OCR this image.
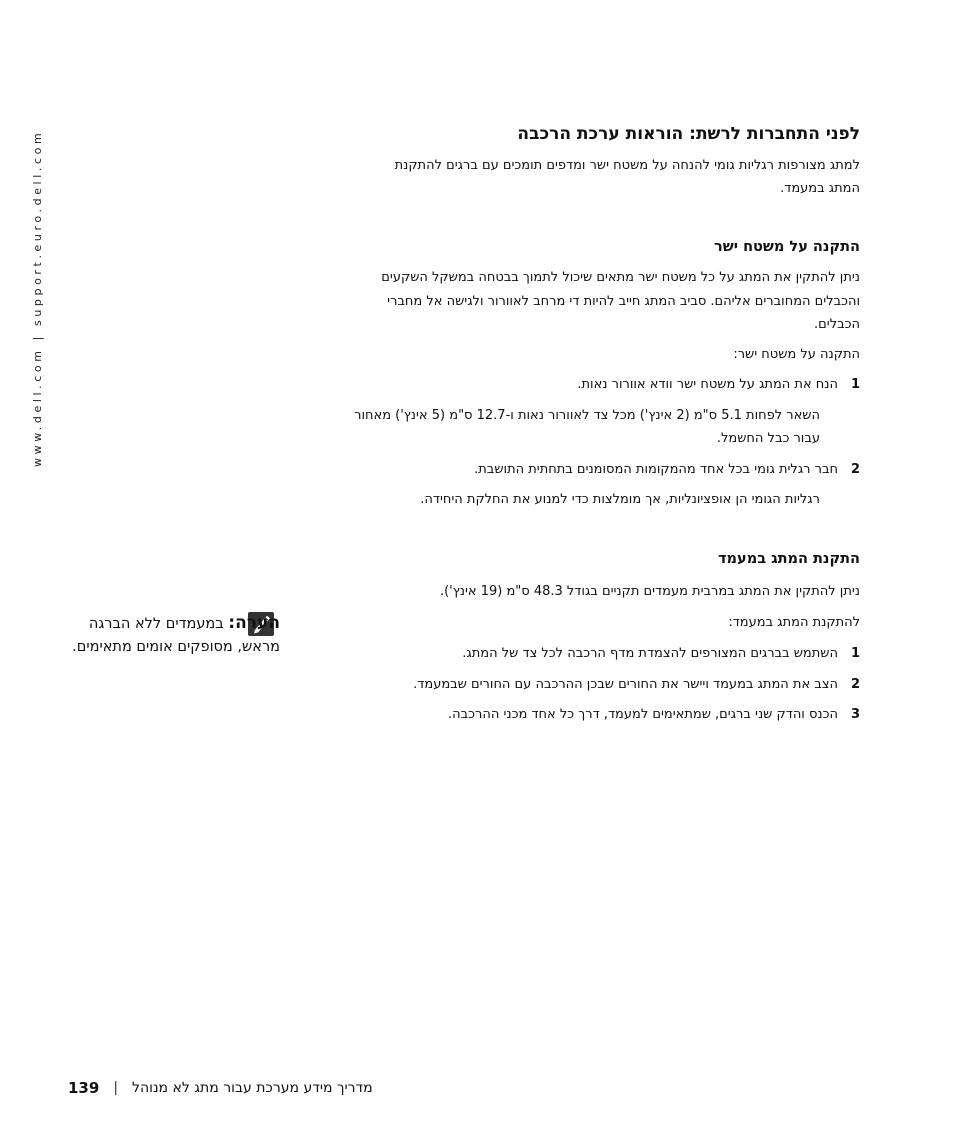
www.dell.com | support.euro.dell.com	לפני התחברות לרשת: הוראות ערכת הרכבה

למתג מצורפות רגליות גומי להנחה על משטח ישר ומדפים תומכים עם ברגים להתקנת

המתג במעמד.

התקנה על משטח ישר

ניתן להתקין את המתג על כל משטח ישר מתאים שיכול לתמוך בבטחה במשקל השקעים

והכבלים המחוברים אליהם. סביב המתג חייב להיות די מרחב לאוורור ולגישה אל מחברי

הכבלים.

התקנה על משטח ישר:

1
הנח את המתג על משטח ישר וודא אוורור נאות.

השאר לפחות 5.1 ס"מ (2 אינץ') מכל צד לאוורור נאות ו-12.7 ס"מ (5 אינץ') מאחור

עבור כבל החשמל.

2
חבר רגלית גומי בכל אחד מהמקומות המסומנים בתחתית התושבת.

רגליות הגומי הן אופציונליות, אך מומלצות כדי למנוע את החלקת היחידה.

התקנת המתג במעמד

ניתן להתקין את המתג במרבית מעמדים תקניים בגודל 48.3 ס"מ (19 אינץ').

להתקנת המתג במעמד:

1
השתמש בברגים המצורפים להצמדת מדף הרכבה לכל צד של המתג.
2
הצב את המתג במעמד ויישר את החורים שבכן ההרכבה עם החורים שבמעמד.
3
הכנס והדק שני ברגים, שמתאימים למעמד, דרך כל אחד מכני ההרכבה.
הערה: במעמדים ללא הברגה מראש, מסופקים אומים מתאימים.
139 | מדריך מידע מערכת עבור מתג לא מנוהל
